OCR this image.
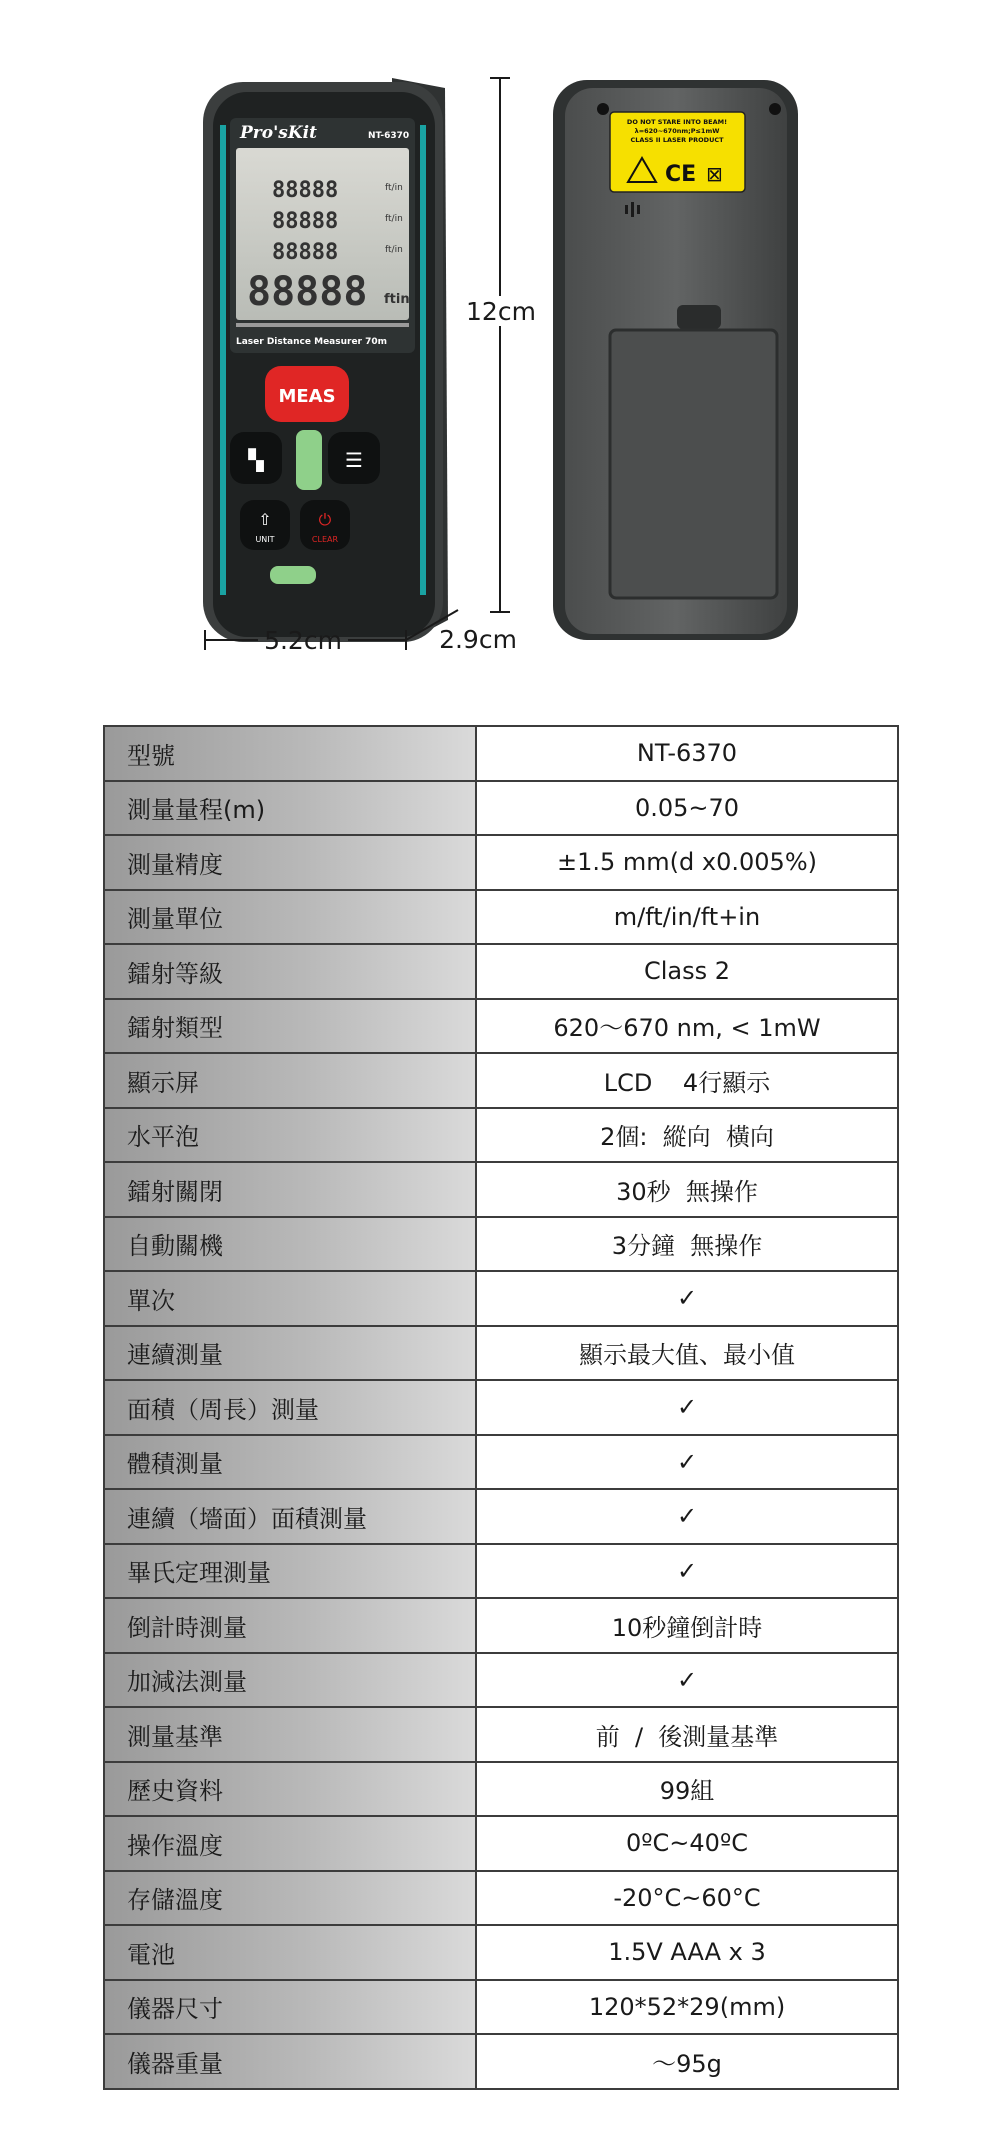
Pro'sKit	NT-6370
88888
88888
88888
88888
ft/in
ft/in
ft/in
ftin
Laser Distance Measurer 70m
MEAS
▚	☰
⇧
UNIT
⏻
CLEAR
DO NOT STARE INTO BEAM!
λ=620~670nm;P≤1mW
CLASS II LASER PRODUCT
CE ⊠
12cm
5.2cm	2.9cm
型號	NT-6370
測量量程(m)	0.05~70
測量精度	±1.5 mm(d x0.005%)
測量單位	m/ft/in/ft+in
鐳射等級	Class 2
鐳射類型	620～670 nm, < 1mW
顯示屏	LCD    4行顯示
水平泡	2個:  縱向  橫向
鐳射關閉	30秒  無操作
自動關機	3分鐘  無操作
單次	✓
連續測量	顯示最大值、最小值
面積（周長）測量	✓
體積測量	✓
連續（墻面）面積測量	✓
畢氏定理測量	✓
倒計時測量	10秒鐘倒計時
加減法測量	✓
測量基準	前  /  後測量基準
歷史資料	99組
操作溫度	0ºC~40ºC
存儲溫度	-20°C~60°C
電池	1.5V AAA x 3
儀器尺寸	120*52*29(mm)
儀器重量	～95g
